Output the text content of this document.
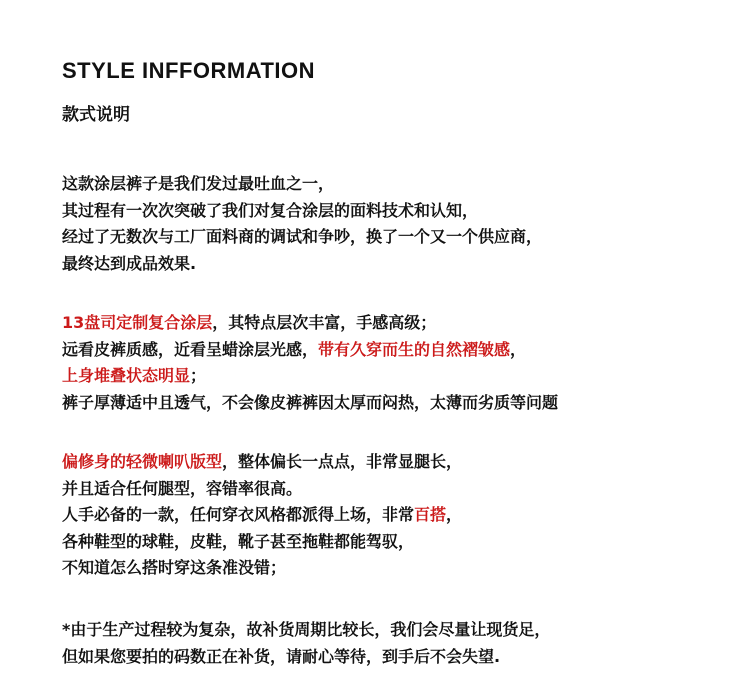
STYLE INFFORMATION
款式说明
这款涂层裤子是我们发过最吐血之一，
其过程有一次次突破了我们对复合涂层的面料技术和认知，
经过了无数次与工厂面料商的调试和争吵，换了一个又一个供应商，
最终达到成品效果.
13盘司定制复合涂层，其特点层次丰富，手感高级；
远看皮裤质感，近看呈蜡涂层光感，带有久穿而生的自然褶皱感，
上身堆叠状态明显；
裤子厚薄适中且透气，不会像皮裤裤因太厚而闷热，太薄而劣质等问题
偏修身的轻微喇叭版型，整体偏长一点点，非常显腿长，
并且适合任何腿型，容错率很高。
人手必备的一款，任何穿衣风格都派得上场，非常百搭，
各种鞋型的球鞋，皮鞋，靴子甚至拖鞋都能驾驭，
不知道怎么搭时穿这条准没错；
*由于生产过程较为复杂，故补货周期比较长，我们会尽量让现货足，
但如果您要拍的码数正在补货，请耐心等待，到手后不会失望.
